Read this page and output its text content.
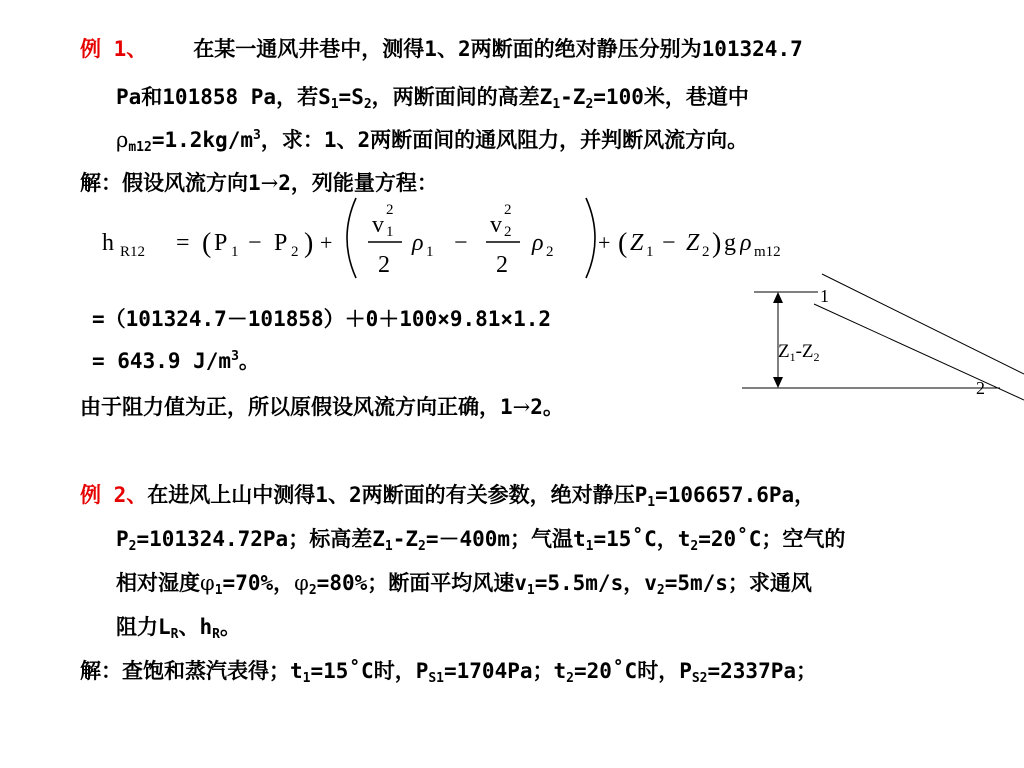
例 1、 在某一通风井巷中，测得1、2两断面的绝对静压分别为101324.7
Pa和101858 Pa，若$S_1=S_2$，两断面间的高差$Z_1-Z_2=100$米，巷道中
$\rho_{m12}=1.2kg/m^3$，求：1、2两断面间的通风阻力，并判断风流方向。
解：假设风流方向1→2，列能量方程：
h R12 = ( P 1 − P 2 ) +
v
2
1
2
ρ 1 −
v
2
2
2
ρ 2 + ( Z 1 − Z 2 ) g ρ m12
=（101324.7－101858）＋0＋100×9.81×1.2
= 643.9 $J/m^3$。
由于阻力值为正，所以原假设风流方向正确，1→2。
1
2
$Z_1-Z_2$
例 2、在进风上山中测得1、2两断面的有关参数，绝对静压$P_1=106657.6Pa$，
$P_2=101324.72Pa$；标高差$Z_1-Z_2=-400m$；气温$t_1=15˚C$，$t_2=20˚C$；空气的
相对湿度$\varphi_1=70\%$，$\varphi_2=80\%$；断面平均风速$v_1=5.5m/s$，$v_2=5m/s$；求通风
阻力$L_R$、$h_R$。
解：查饱和蒸汽表得；$t_1=15˚C$时，$P_{S1}=1704Pa$；$t_2=20˚C$时，$P_{S2}=2337Pa$；
